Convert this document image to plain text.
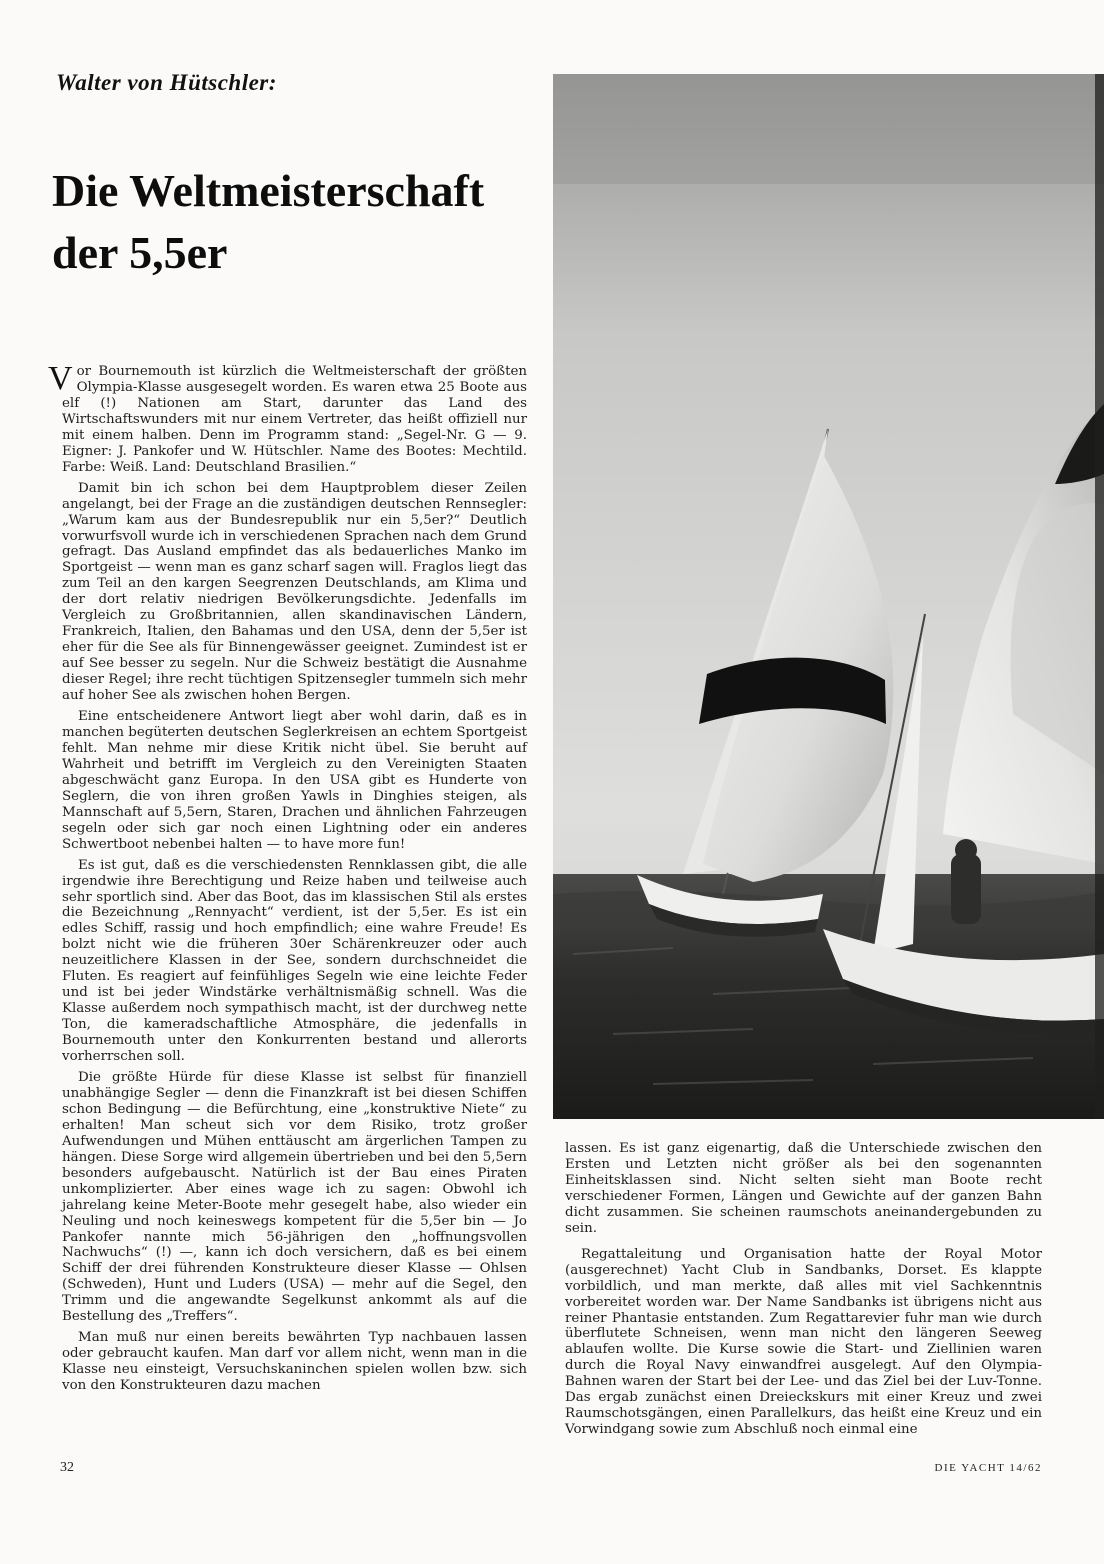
Walter von Hütschler:
Die Weltmeisterschaft
der 5,5er

Vor Bournemouth ist kürzlich die Weltmeisterschaft der größten Olympia-Klasse ausgesegelt worden. Es waren etwa 25 Boote aus elf (!) Nationen am Start, darunter das Land des Wirtschaftswunders mit nur einem Vertreter, das heißt offiziell nur mit einem halben. Denn im Programm stand: „Segel-Nr. G — 9. Eigner: J. Pankofer und W. Hütschler. Name des Bootes: Mechtild. Farbe: Weiß. Land: Deutschland Brasilien.“

Damit bin ich schon bei dem Hauptproblem dieser Zeilen angelangt, bei der Frage an die zuständigen deutschen Rennsegler: „Warum kam aus der Bundesrepublik nur ein 5,5er?“ Deutlich vorwurfsvoll wurde ich in verschiedenen Sprachen nach dem Grund gefragt. Das Ausland empfindet das als bedauerliches Manko im Sportgeist — wenn man es ganz scharf sagen will. Fraglos liegt das zum Teil an den kargen Seegrenzen Deutschlands, am Klima und der dort relativ niedrigen Bevölkerungsdichte. Jedenfalls im Vergleich zu Großbritannien, allen skandinavischen Ländern, Frankreich, Italien, den Bahamas und den USA, denn der 5,5er ist eher für die See als für Binnengewässer geeignet. Zumindest ist er auf See besser zu segeln. Nur die Schweiz bestätigt die Ausnahme dieser Regel; ihre recht tüchtigen Spitzensegler tummeln sich mehr auf hoher See als zwischen hohen Bergen.

Eine entscheidenere Antwort liegt aber wohl darin, daß es in manchen begüterten deutschen Seglerkreisen an echtem Sportgeist fehlt. Man nehme mir diese Kritik nicht übel. Sie beruht auf Wahrheit und betrifft im Vergleich zu den Vereinigten Staaten abgeschwächt ganz Europa. In den USA gibt es Hunderte von Seglern, die von ihren großen Yawls in Dinghies steigen, als Mannschaft auf 5,5ern, Staren, Drachen und ähnlichen Fahrzeugen segeln oder sich gar noch einen Lightning oder ein anderes Schwertboot nebenbei halten — to have more fun!

Es ist gut, daß es die verschiedensten Rennklassen gibt, die alle irgendwie ihre Berechtigung und Reize haben und teilweise auch sehr sportlich sind. Aber das Boot, das im klassischen Stil als erstes die Bezeichnung „Rennyacht“ verdient, ist der 5,5er. Es ist ein edles Schiff, rassig und hoch empfindlich; eine wahre Freude! Es bolzt nicht wie die früheren 30er Schärenkreuzer oder auch neuzeitlichere Klassen in der See, sondern durchschneidet die Fluten. Es reagiert auf feinfühliges Segeln wie eine leichte Feder und ist bei jeder Windstärke verhältnismäßig schnell. Was die Klasse außerdem noch sympathisch macht, ist der durchweg nette Ton, die kameradschaftliche Atmosphäre, die jedenfalls in Bournemouth unter den Konkurrenten bestand und allerorts vorherrschen soll.

Die größte Hürde für diese Klasse ist selbst für finanziell unabhängige Segler — denn die Finanzkraft ist bei diesen Schiffen schon Bedingung — die Befürchtung, eine „konstruktive Niete“ zu erhalten! Man scheut sich vor dem Risiko, trotz großer Aufwendungen und Mühen enttäuscht am ärgerlichen Tampen zu hängen. Diese Sorge wird allgemein übertrieben und bei den 5,5ern besonders aufgebauscht. Natürlich ist der Bau eines Piraten unkomplizierter. Aber eines wage ich zu sagen: Obwohl ich jahrelang keine Meter-Boote mehr gesegelt habe, also wieder ein Neuling und noch keineswegs kompetent für die 5,5er bin — Jo Pankofer nannte mich 56-jährigen den „hoffnungsvollen Nachwuchs“ (!) —, kann ich doch versichern, daß es bei einem Schiff der drei führenden Konstrukteure dieser Klasse — Ohlsen (Schweden), Hunt und Luders (USA) — mehr auf die Segel, den Trimm und die angewandte Segelkunst ankommt als auf die Bestellung des „Treffers“.

Man muß nur einen bereits bewährten Typ nachbauen lassen oder gebraucht kaufen. Man darf vor allem nicht, wenn man in die Klasse neu einsteigt, Versuchskaninchen spielen wollen bzw. sich von den Konstrukteuren dazu machen

lassen. Es ist ganz eigenartig, daß die Unterschiede zwischen den Ersten und Letzten nicht größer als bei den sogenannten Einheitsklassen sind. Nicht selten sieht man Boote recht verschiedener Formen, Längen und Gewichte auf der ganzen Bahn dicht zusammen. Sie scheinen raumschots aneinandergebunden zu sein.

Regattaleitung und Organisation hatte der Royal Motor (ausgerechnet) Yacht Club in Sandbanks, Dorset. Es klappte vorbildlich, und man merkte, daß alles mit viel Sachkenntnis vorbereitet worden war. Der Name Sandbanks ist übrigens nicht aus reiner Phantasie entstanden. Zum Regattarevier fuhr man wie durch überflutete Schneisen, wenn man nicht den längeren Seeweg ablaufen wollte. Die Kurse sowie die Start- und Ziellinien waren durch die Royal Navy einwandfrei ausgelegt. Auf den Olympia-Bahnen waren der Start bei der Lee- und das Ziel bei der Luv-Tonne. Das ergab zunächst einen Dreieckskurs mit einer Kreuz und zwei Raumschotsgängen, einen Parallelkurs, das heißt eine Kreuz und ein Vorwindgang sowie zum Abschluß noch einmal eine

32	DIE YACHT 14/62
